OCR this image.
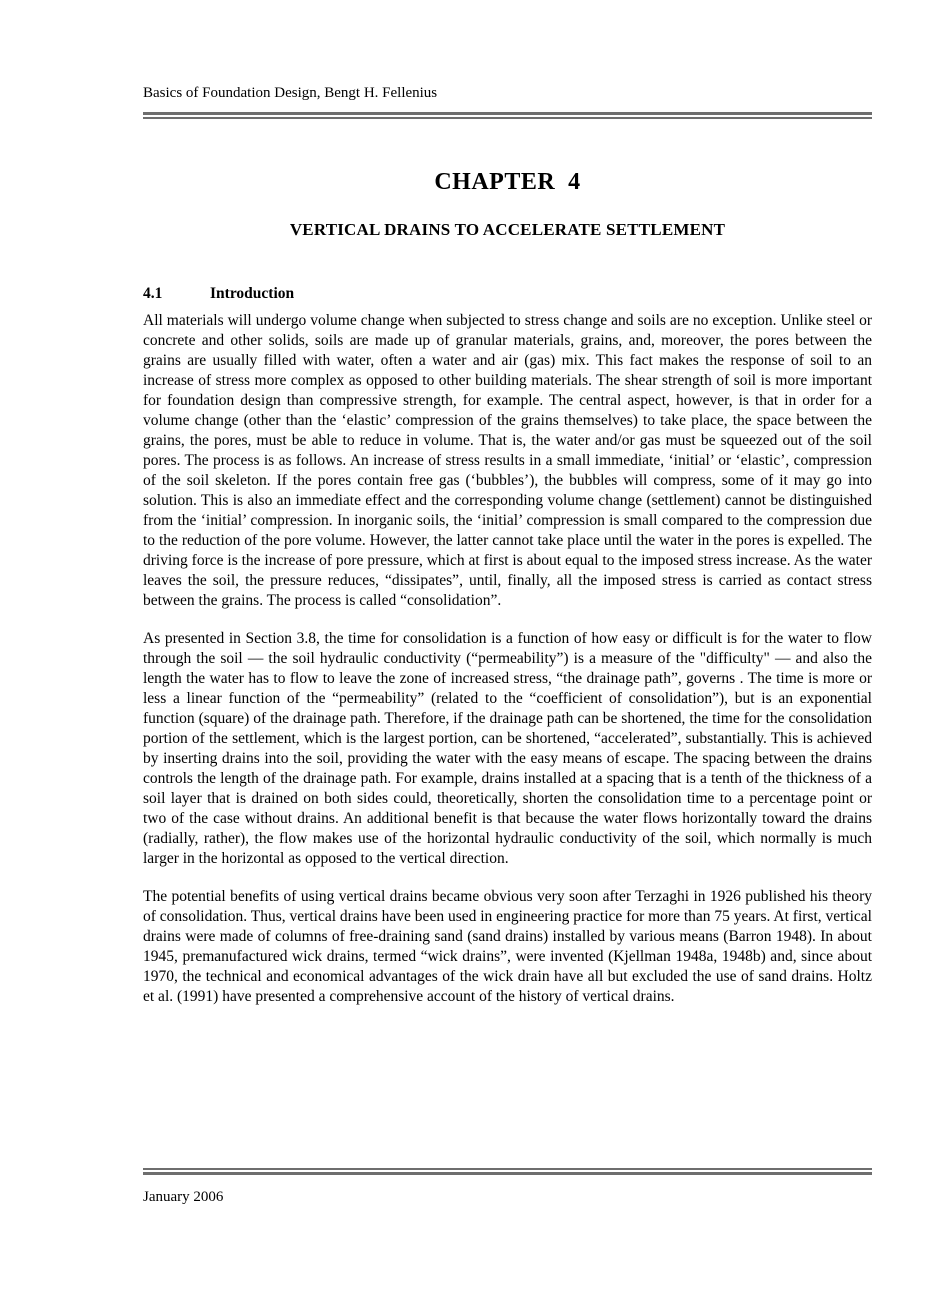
Basics of Foundation Design, Bengt H. Fellenius
CHAPTER  4
VERTICAL DRAINS TO ACCELERATE SETTLEMENT
4.1	Introduction

All materials will undergo volume change when subjected to stress change and soils are no exception. Unlike steel or concrete and other solids, soils are made up of granular materials, grains, and, moreover, the pores between the grains are usually filled with water, often a water and air (gas) mix. This fact makes the response of soil to an increase of stress more complex as opposed to other building materials. The shear strength of soil is more important for foundation design than compressive strength, for example. The central aspect, however, is that in order for a volume change (other than the ‘elastic’ compression of the grains themselves) to take place, the space between the grains, the pores, must be able to reduce in volume. That is, the water and/or gas must be squeezed out of the soil pores. The process is as follows. An increase of stress results in a small immediate, ‘initial’ or ‘elastic’, compression of the soil skeleton. If the pores contain free gas (‘bubbles’), the bubbles will compress, some of it may go into solution. This is also an immediate effect and the corresponding volume change (settlement) cannot be distinguished from the ‘initial’ compression. In inorganic soils, the ‘initial’ compression is small compared to the compression due to the reduction of the pore volume. However, the latter cannot take place until the water in the pores is expelled. The driving force is the increase of pore pressure, which at first is about equal to the imposed stress increase. As the water leaves the soil, the pressure reduces, “dissipates”, until, finally, all the imposed stress is carried as contact stress between the grains. The process is called “consolidation”.

As presented in Section 3.8, the time for consolidation is a function of how easy or difficult is for the water to flow through the soil — the soil hydraulic conductivity (“permeability”) is a measure of the "difficulty" — and also the length the water has to flow to leave the zone of increased stress, “the drainage path”, governs . The time is more or less a linear function of the “permeability” (related to the “coefficient of consolidation”), but is an exponential function (square) of the drainage path. Therefore, if the drainage path can be shortened, the time for the consolidation portion of the settlement, which is the largest portion, can be shortened, “accelerated”, substantially. This is achieved by inserting drains into the soil, providing the water with the easy means of escape. The spacing between the drains controls the length of the drainage path. For example, drains installed at a spacing that is a tenth of the thickness of a soil layer that is drained on both sides could, theoretically, shorten the consolidation time to a percentage point or two of the case without drains. An additional benefit is that because the water flows horizontally toward the drains (radially, rather), the flow makes use of the horizontal hydraulic conductivity of the soil, which normally is much larger in the horizontal as opposed to the vertical direction.

The potential benefits of using vertical drains became obvious very soon after Terzaghi in 1926 published his theory of consolidation. Thus, vertical drains have been used in engineering practice for more than 75 years. At first, vertical drains were made of columns of free-draining sand (sand drains) installed by various means (Barron 1948). In about 1945, premanufactured wick drains, termed “wick drains”, were invented (Kjellman 1948a, 1948b) and, since about 1970, the technical and economical advantages of the wick drain have all but excluded the use of sand drains. Holtz et al. (1991) have presented a comprehensive account of the history of vertical drains.

January 2006
